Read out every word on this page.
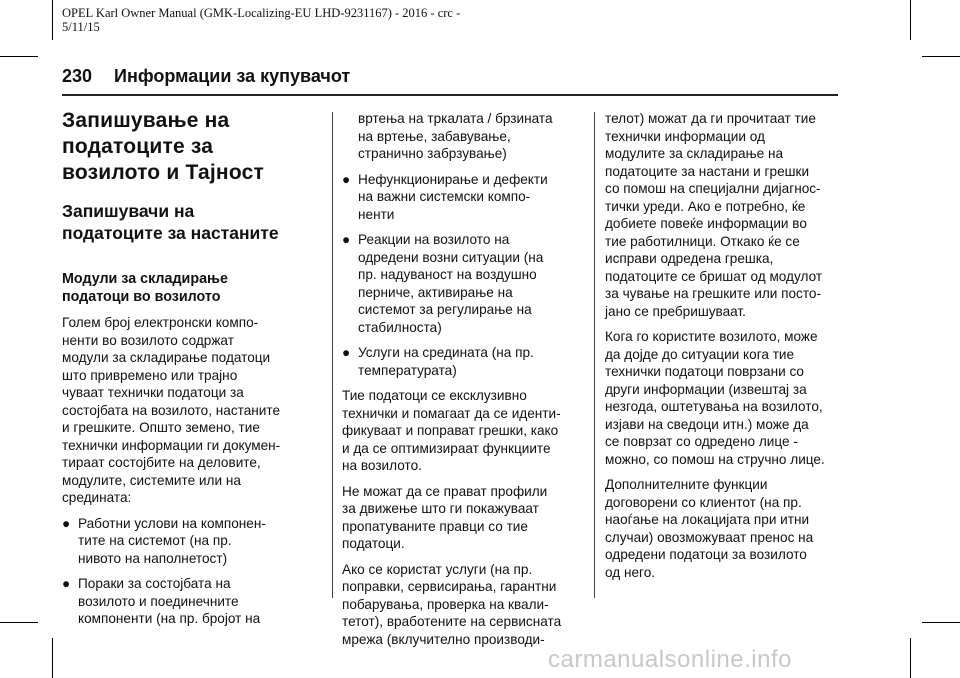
OPEL Karl Owner Manual (GMK-Localizing-EU LHD-9231167) - 2016 - crc -
5/11/15
230 Информации за купувачот
Запишување на
податоците за
возилото и Тајност
Запишувачи на
податоците за настаните
Модули за складирање
податоци во возилото

Голем број електронски компо-
ненти во возилото содржат
модули за складирање податоци
што привремено или трајно
чуваат технички податоци за
состојбата на возилото, настаните
и грешките. Општо земено, тие
технички информации ги докумен-
тираат состојбите на деловите,
модулите, системите или на
средината:

● Работни услови на компонен-
тите на системот (на пр.
нивото на наполнетост)
● Пораки за состојбата на
возилото и поединечните
компоненти (на пр. бројот на
вртења на тркалата / брзината
на вртење, забавување,
странично забрзување)
● Нефункционирање и дефекти
на важни системски компо-
ненти
● Реакции на возилото на
одредени возни ситуации (на
пр. надуваност на воздушно
перниче, активирање на
системот за регулирање на
стабилноста)
● Услуги на средината (на пр.
температурата)

Тие податоци се ексклузивно
технички и помагаат да се иденти-
фикуваат и поправат грешки, како
и да се оптимизираат функциите
на возилото.

Не можат да се прават профили
за движење што ги покажуваат
пропатуваните правци со тие
податоци.

Ако се користат услуги (на пр.
поправки, сервисирања, гарантни
побарувања, проверка на квали-
тетот), вработените на сервисната
мрежа (вклучително производи-

телот) можат да ги прочитаат тие
технички информации од
модулите за складирање на
податоците за настани и грешки
со помош на специјални дијагнос-
тички уреди. Ако е потребно, ќе
добиете повеќе информации во
тие работилници. Откако ќе се
исправи одредена грешка,
податоците се бришат од модулот
за чување на грешките или посто-
јано се пребришуваат.

Кога го користите возилото, може
да дојде до ситуации кога тие
технички податоци поврзани со
други информации (извештај за
незгода, оштетувања на возилото,
изјави на сведоци итн.) може да
се поврзат со одредено лице -
можно, со помош на стручно лице.

Дополнителните функции
договорени со клиентот (на пр.
наоѓање на локацијата при итни
случаи) овозможуваат пренос на
одредени податоци за возилото
од него.

carmanualsonline.info
